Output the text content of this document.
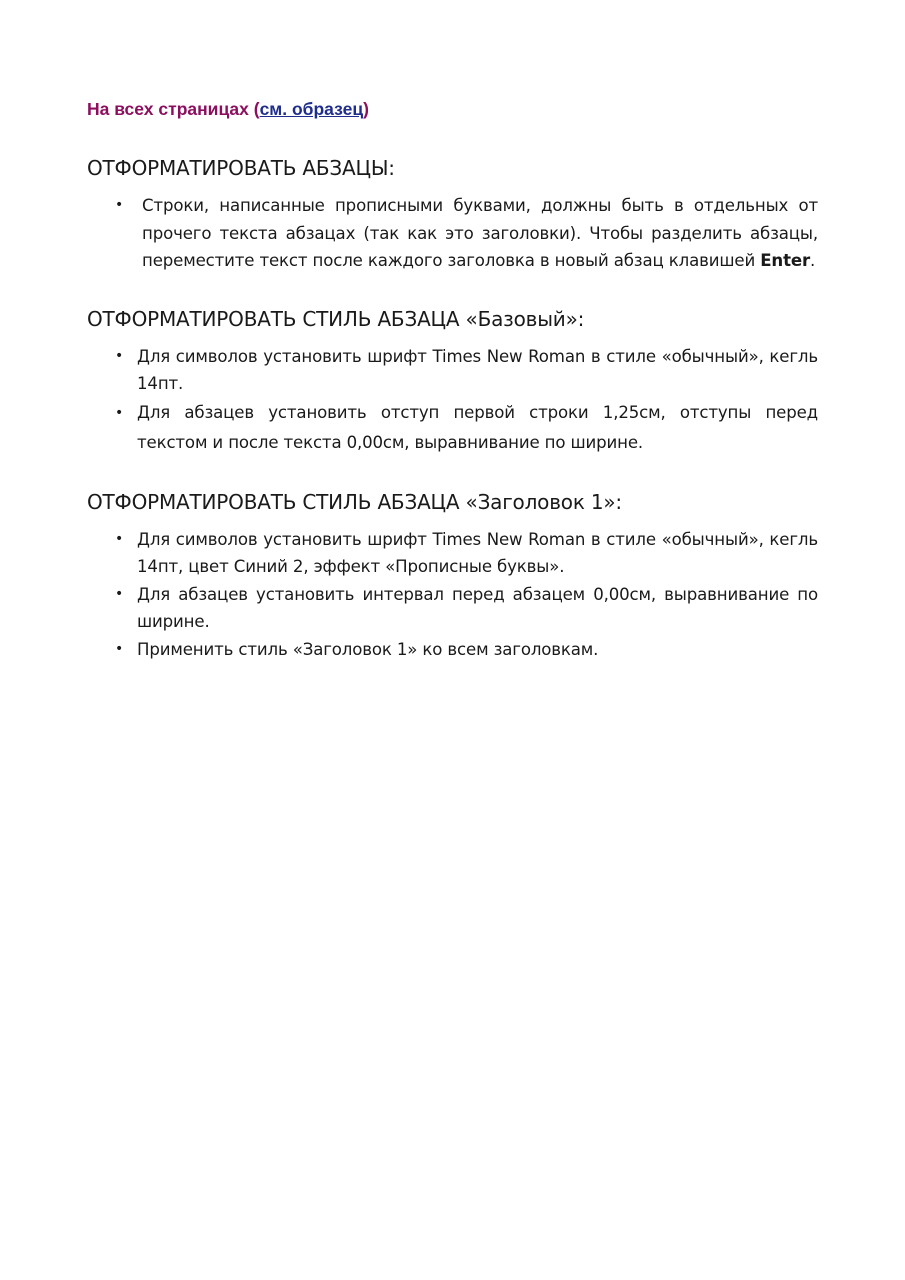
На всех страницах (см. образец)

ОТФОРМАТИРОВАТЬ АБЗАЦЫ:
• Строки, написанные прописными буквами, должны быть в отдельных от прочего текста абзацах (так как это заголовки). Чтобы разделить абзацы, переместите текст после каждого заголовка в новый абзац клавишей Enter.
ОТФОРМАТИРОВАТЬ СТИЛЬ АБЗАЦА «Базовый»:
• Для символов установить шрифт Times New Roman в стиле «обычный», кегль 14пт.
• Для абзацев установить отступ первой строки 1,25см, отступы перед текстом и после текста 0,00см, выравнивание по ширине.
ОТФОРМАТИРОВАТЬ СТИЛЬ АБЗАЦА «Заголовок 1»:
• Для символов установить шрифт Times New Roman в стиле «обычный», кегль 14пт, цвет Синий 2, эффект «Прописные буквы».
• Для абзацев установить интервал перед абзацем 0,00см, выравнивание по ширине.
• Применить стиль «Заголовок 1» ко всем заголовкам.
